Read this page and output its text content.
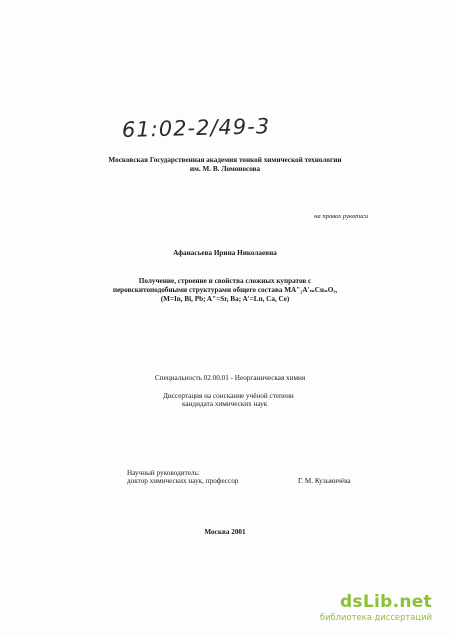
61:02-2/49-3
Московская Государственная академия тонкой химической технологии
им. М. В. Ломоносова
на правах рукописи
Афанасьева Ирина Николаевна
Получение, строение и свойства сложных купратов с
перовскитоподобными структурами общего состава MA"₂A'ₘCuₙOₓ,
(M=In, Bi, Pb; A"=Sr, Ba; A'=Ln, Ca, Ce)
Специальность 02.00.01 - Неорганическая химия
Диссертация на соискание учёной степени
кандидата химических наук
Научный руководитель:
доктор химических наук, профессор	Г. М. Кузьмичёва
Москва 2001
dsLib.net
библиотека диссертаций
